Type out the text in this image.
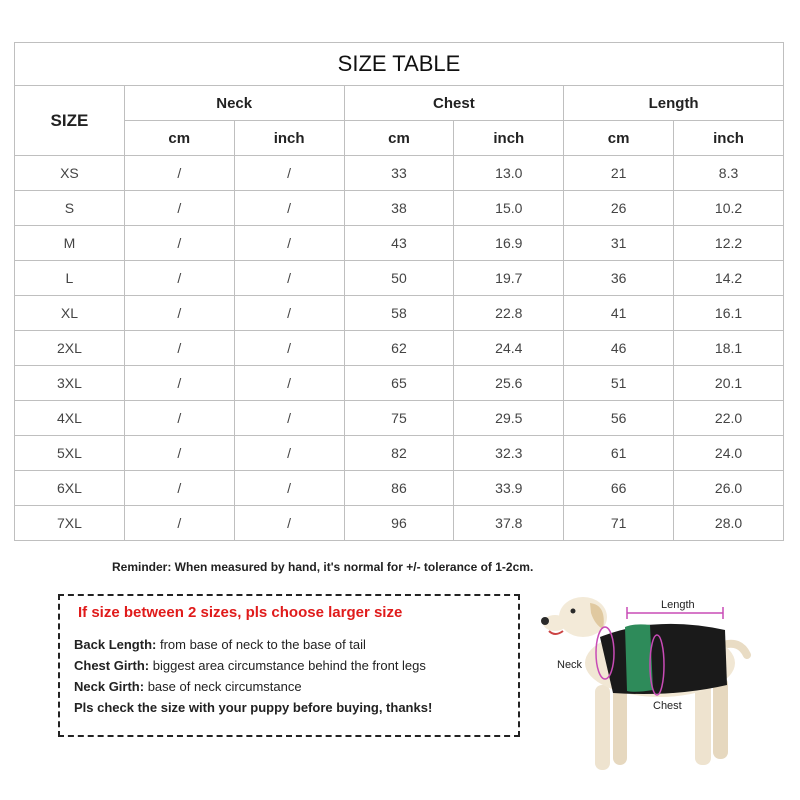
SIZE TABLE						
SIZE	Neck		Chest		Length	
	cm	inch	cm	inch	cm	inch
XS	/	/	33	13.0	21	8.3
S	/	/	38	15.0	26	10.2
M	/	/	43	16.9	31	12.2
L	/	/	50	19.7	36	14.2
XL	/	/	58	22.8	41	16.1
2XL	/	/	62	24.4	46	18.1
3XL	/	/	65	25.6	51	20.1
4XL	/	/	75	29.5	56	22.0
5XL	/	/	82	32.3	61	24.0
6XL	/	/	86	33.9	66	26.0
7XL	/	/	96	37.8	71	28.0
Reminder: When measured by hand, it's normal for +/- tolerance of 1-2cm.
If size between 2 sizes, pls choose larger size
Back Length: from base of neck to the base of tail
Chest Girth: biggest area circumstance behind the front legs
Neck Girth: base of neck circumstance
Pls check the size with your puppy before buying, thanks!
Length
Neck
Chest
